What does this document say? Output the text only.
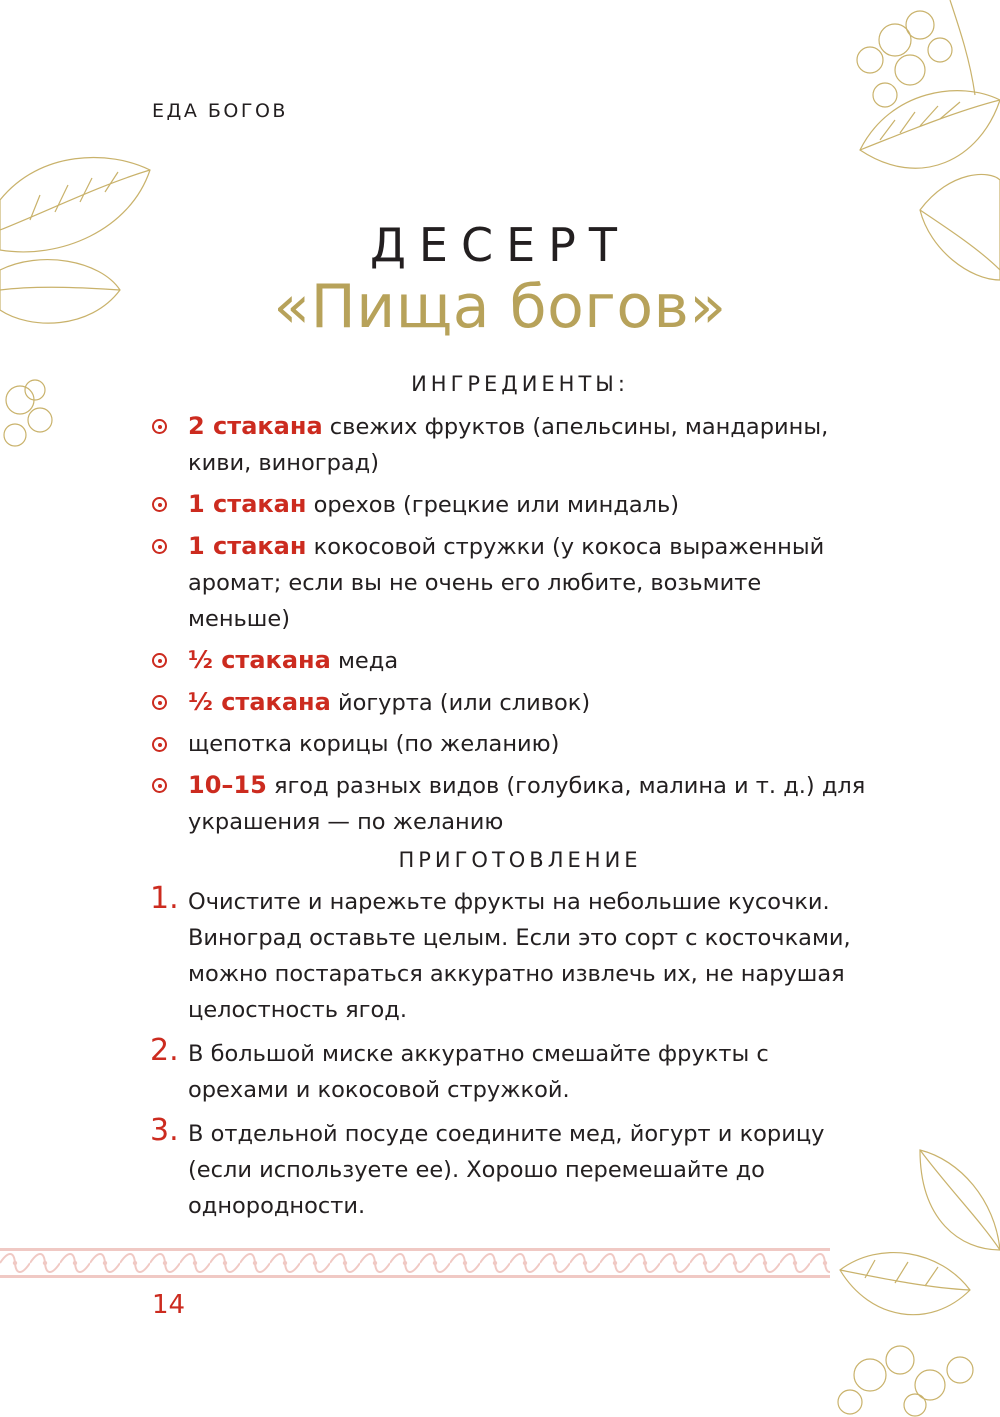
ЕДА БОГОВ
ДЕСЕРТ
«Пища богов»
ИНГРЕДИЕНТЫ:
2 стакана свежих фруктов (апельсины, мандарины, киви, виноград)
1 стакан орехов (грецкие или миндаль)
1 стакан кокосовой стружки (у кокоса выраженный аромат; если вы не очень его любите, возьмите меньше)
½ стакана меда
½ стакана йогурта (или сливок)
щепотка корицы (по желанию)
10–15 ягод разных видов (голубика, малина и т. д.) для украшения — по желанию
ПРИГОТОВЛЕНИЕ
1. Очистите и нарежьте фрукты на небольшие кусочки. Виноград оставьте целым. Если это сорт с косточками, можно постараться аккуратно извлечь их, не нарушая целостность ягод.
2. В большой миске аккуратно смешайте фрукты с орехами и кокосовой стружкой.
3. В отдельной посуде соедините мед, йогурт и корицу (если используете ее). Хорошо перемешайте до однородности.
14
